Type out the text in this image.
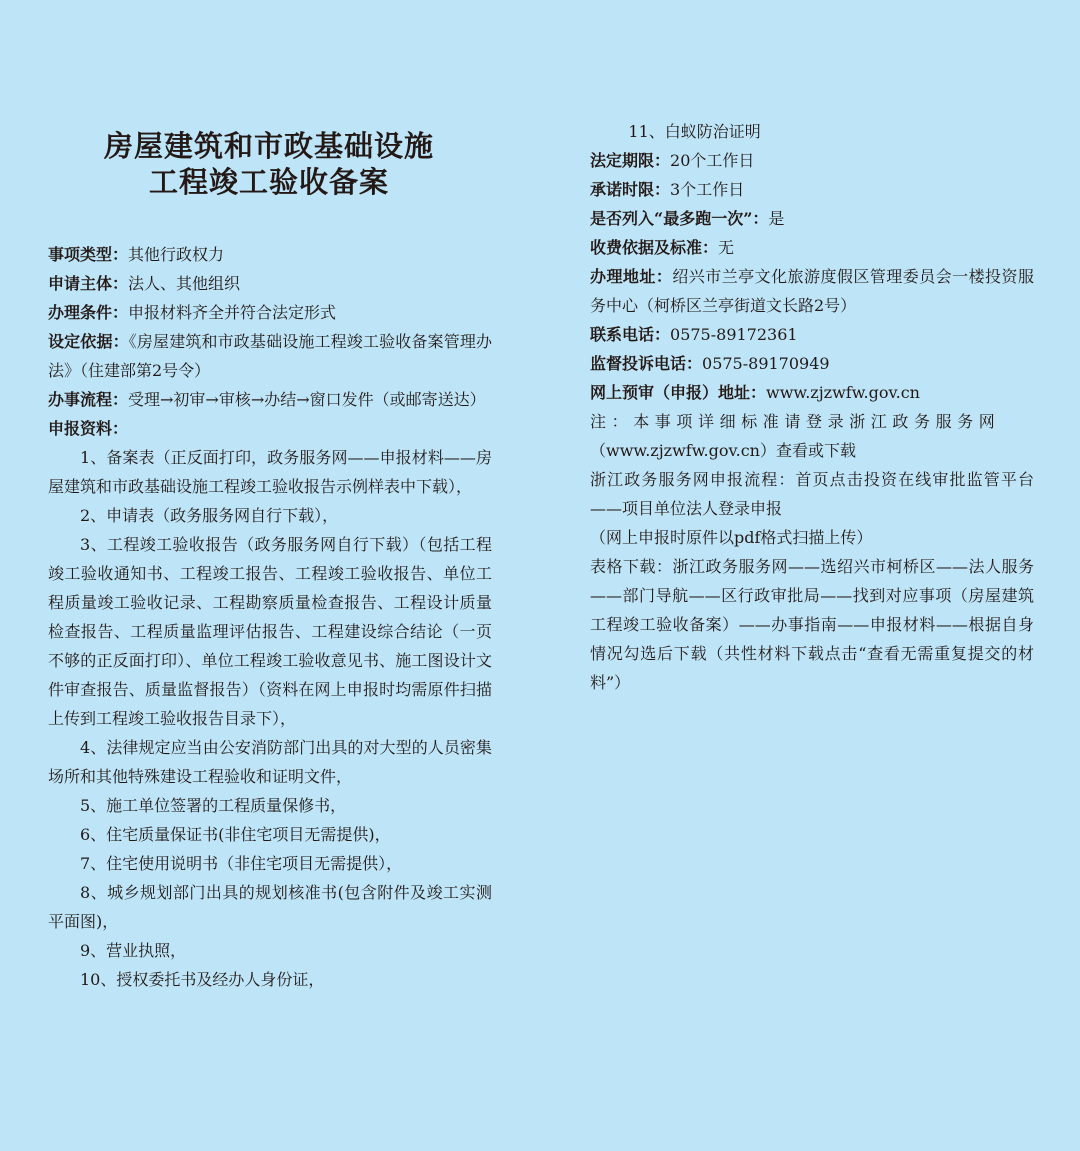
房屋建筑和市政基础设施
工程竣工验收备案

事项类型：其他行政权力

申请主体：法人、其他组织

办理条件：申报材料齐全并符合法定形式

设定依据：《房屋建筑和市政基础设施工程竣工验收备案管理办法》（住建部第2号令）

办事流程：受理→初审→审核→办结→窗口发件（或邮寄送达）

申报资料：

1、备案表（正反面打印，政务服务网——申报材料——房屋建筑和市政基础设施工程竣工验收报告示例样表中下载），

2、申请表（政务服务网自行下载），

3、工程竣工验收报告（政务服务网自行下载）（包括工程竣工验收通知书、工程竣工报告、工程竣工验收报告、单位工程质量竣工验收记录、工程勘察质量检查报告、工程设计质量检查报告、工程质量监理评估报告、工程建设综合结论（一页不够的正反面打印）、单位工程竣工验收意见书、施工图设计文件审查报告、质量监督报告）（资料在网上申报时均需原件扫描上传到工程竣工验收报告目录下），

4、法律规定应当由公安消防部门出具的对大型的人员密集场所和其他特殊建设工程验收和证明文件，

5、施工单位签署的工程质量保修书，

6、住宅质量保证书(非住宅项目无需提供)，

7、住宅使用说明书（非住宅项目无需提供），

8、城乡规划部门出具的规划核准书(包含附件及竣工实测平面图)，

9、营业执照，

10、授权委托书及经办人身份证，

11、白蚁防治证明

法定期限：20个工作日

承诺时限：3个工作日

是否列入“最多跑一次”：是

收费依据及标准：无

办理地址：绍兴市兰亭文化旅游度假区管理委员会一楼投资服务中心（柯桥区兰亭街道文长路2号）

联系电话：0575-89172361

监督投诉电话：0575-89170949

网上预审（申报）地址：www.zjzwfw.gov.cn

注：本事项详细标准请登录浙江政务服务网

（www.zjzwfw.gov.cn）查看或下载

浙江政务服务网申报流程：首页点击投资在线审批监管平台——项目单位法人登录申报

（网上申报时原件以pdf格式扫描上传）

表格下载：浙江政务服务网——选绍兴市柯桥区——法人服务——部门导航——区行政审批局——找到对应事项（房屋建筑工程竣工验收备案）——办事指南——申报材料——根据自身情况勾选后下载（共性材料下载点击“查看无需重复提交的材料”）
